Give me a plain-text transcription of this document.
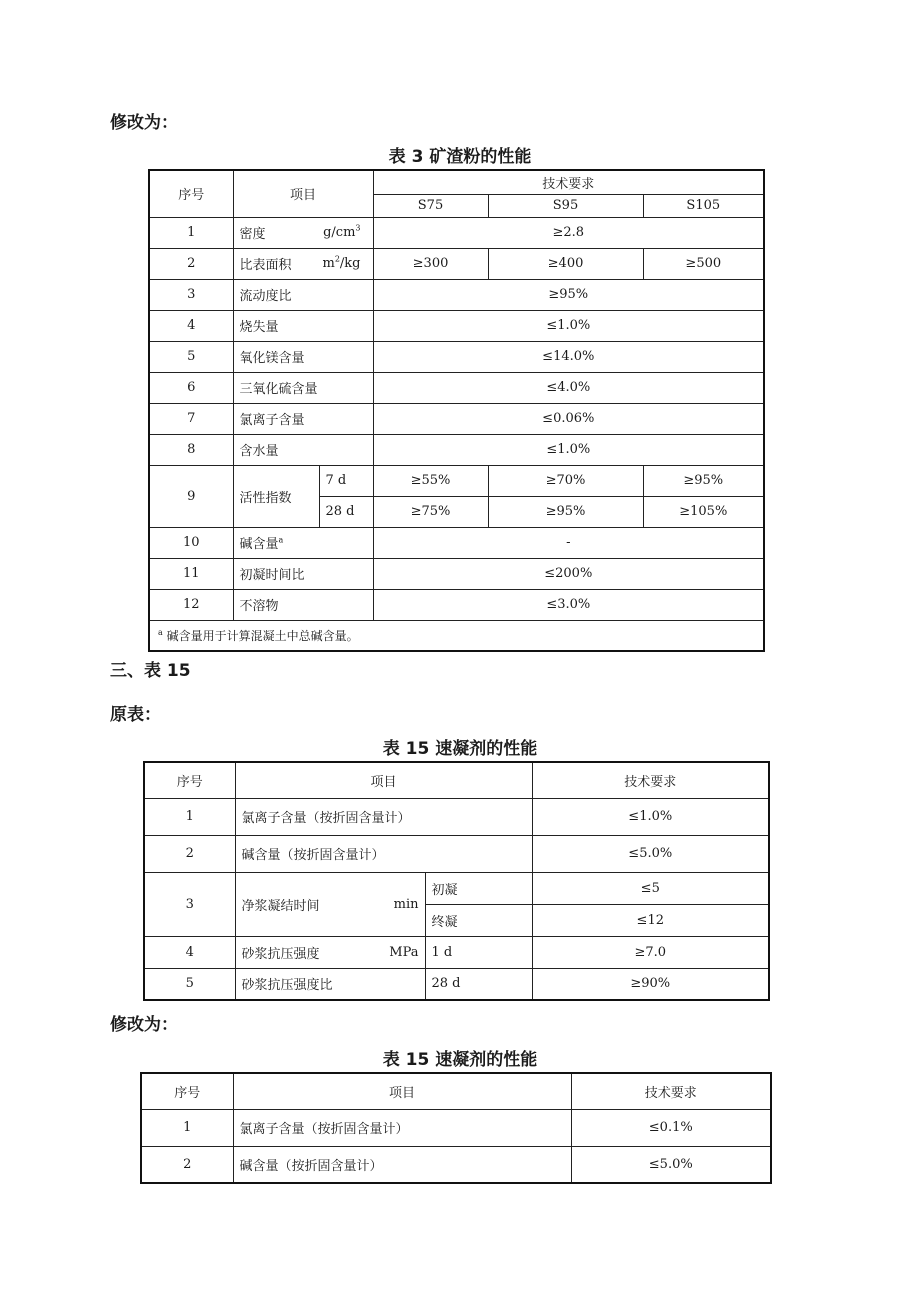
修改为：
表 3 矿渣粉的性能
序号	项目		技术要求		
			S75	S95	S105
1	密度 $g/cm^3$		≥2.8		
2	比表面积 $m^2/kg$		≥300	≥400	≥500
3	流动度比		≥95%		
4	烧失量		≤1.0%		
5	氧化镁含量		≤14.0%		
6	三氧化硫含量		≤4.0%		
7	氯离子含量		≤0.06%		
8	含水量		≤1.0%		
9	活性指数	7 d	≥55%	≥70%	≥95%
		28 d	≥75%	≥95%	≥105%
10	碱含量$^a$		-		
11	初凝时间比		≤200%		
12	不溶物		≤3.0%		
$^a$ 碱含量用于计算混凝土中总碱含量。					
三、表 15
原表：
表 15 速凝剂的性能
序号	项目		技术要求
1	氯离子含量（按折固含量计）		≤1.0%
2	碱含量（按折固含量计）		≤5.0%
3	净浆凝结时间 min	初凝	≤5
		终凝	≤12
4	砂浆抗压强度 MPa	1 d	≥7.0
5	砂浆抗压强度比	28 d	≥90%
修改为：
表 15 速凝剂的性能
序号	项目	技术要求
1	氯离子含量（按折固含量计）	≤0.1%
2	碱含量（按折固含量计）	≤5.0%
